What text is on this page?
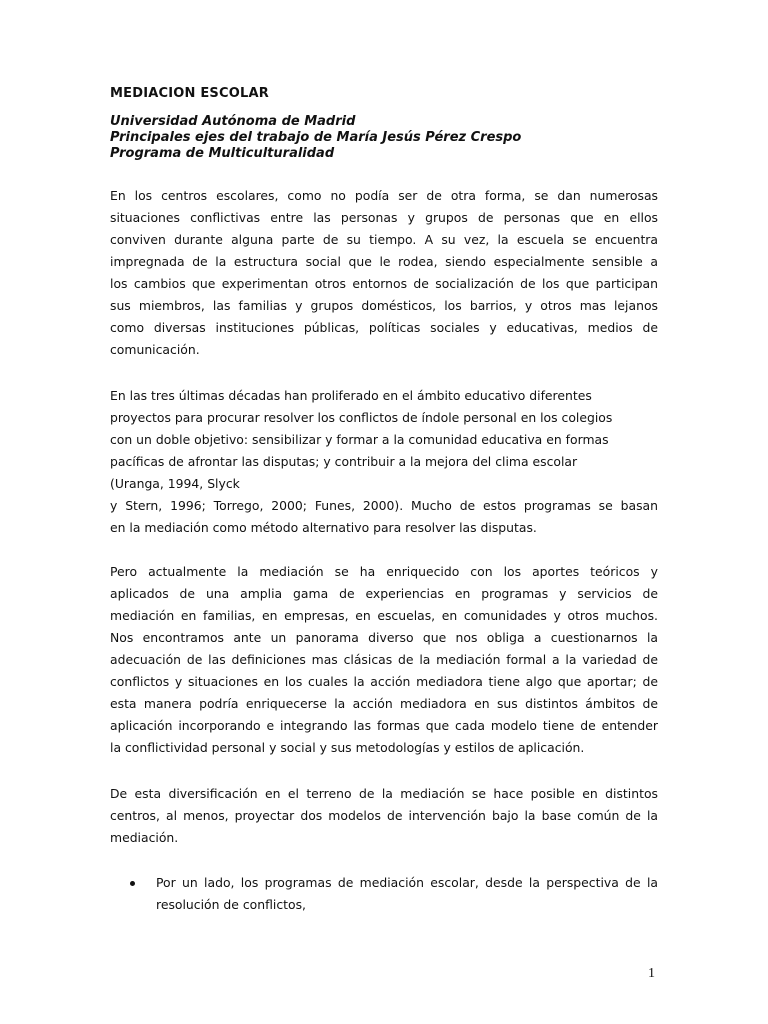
MEDIACION ESCOLAR
Universidad Autónoma de Madrid
Principales ejes del trabajo de María Jesús Pérez Crespo
Programa de Multiculturalidad
En los centros escolares, como no podía ser de otra forma, se dan numerosas
situaciones conflictivas entre las personas y grupos de personas que en ellos
conviven durante alguna parte de su tiempo. A su vez, la escuela se encuentra
impregnada de la estructura social que le rodea, siendo especialmente sensible a
los cambios que experimentan otros entornos de socialización de los que participan
sus miembros, las familias y grupos domésticos, los barrios, y otros mas lejanos
como diversas instituciones públicas, políticas sociales y educativas, medios de
comunicación.
En las tres últimas décadas han proliferado en el ámbito educativo diferentes
proyectos para procurar resolver los conflictos de índole personal en los colegios
con un doble objetivo: sensibilizar y formar a la comunidad educativa en formas
pacíficas de afrontar las disputas; y contribuir a la mejora del clima escolar
(Uranga, 1994, Slyck
y Stern, 1996; Torrego, 2000; Funes, 2000). Mucho de estos programas se basan
en la mediación como método alternativo para resolver las disputas.
Pero actualmente la mediación se ha enriquecido con los aportes teóricos y
aplicados de una amplia gama de experiencias en programas y servicios de
mediación en familias, en empresas, en escuelas, en comunidades y otros muchos.
Nos encontramos ante un panorama diverso que nos obliga a cuestionarnos la
adecuación de las definiciones mas clásicas de la mediación formal a la variedad de
conflictos y situaciones en los cuales la acción mediadora tiene algo que aportar; de
esta manera podría enriquecerse la acción mediadora en sus distintos ámbitos de
aplicación incorporando e integrando las formas que cada modelo tiene de entender
la conflictividad personal y social y sus metodologías y estilos de aplicación.
De esta diversificación en el terreno de la mediación se hace posible en distintos
centros, al menos, proyectar dos modelos de intervención bajo la base común de la
mediación.
Por un lado, los programas de mediación escolar, desde la perspectiva de la
resolución de conflictos,
1
